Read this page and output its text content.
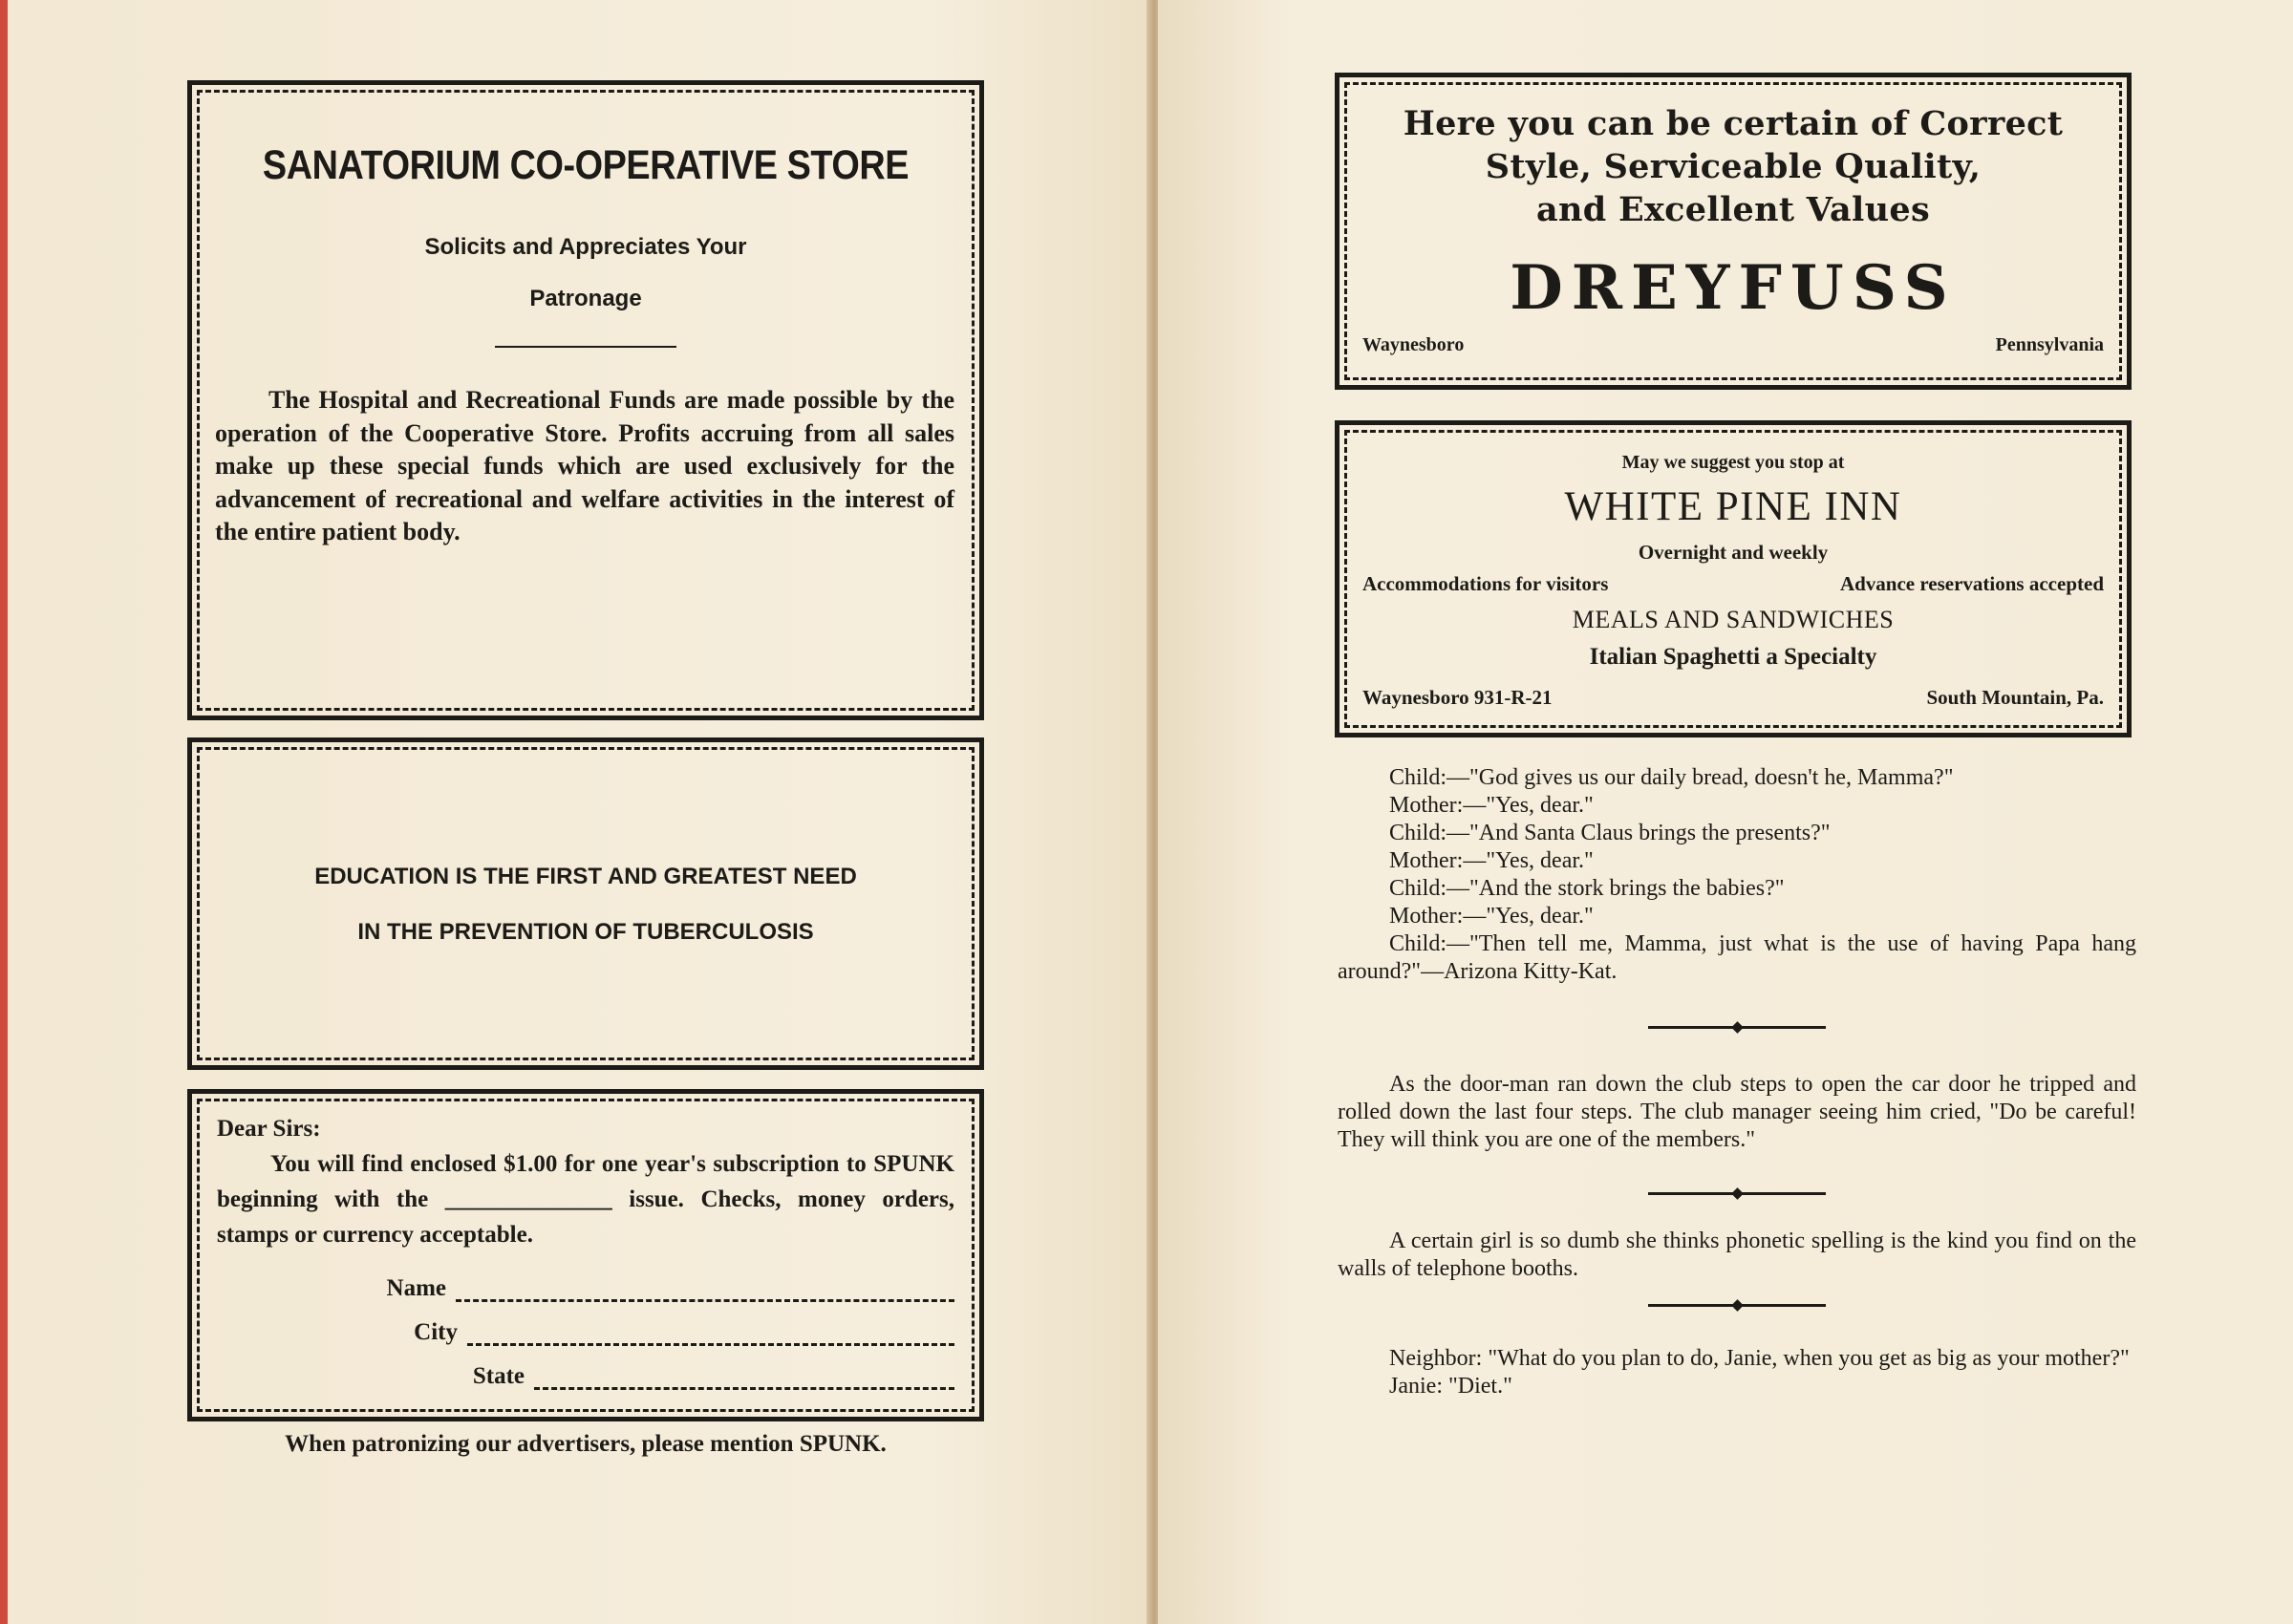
SANATORIUM CO-OPERATIVE STORE
Solicits and Appreciates Your
Patronage
The Hospital and Recreational Funds are made possible by the operation of the Cooperative Store. Profits accruing from all sales make up these special funds which are used exclusively for the advancement of recreational and welfare activities in the interest of the entire patient body.
EDUCATION IS THE FIRST AND GREATEST NEED
IN THE PREVENTION OF TUBERCULOSIS

Dear Sirs:

You will find enclosed $1.00 for one year's subscription to SPUNK beginning with the ______________ issue. Checks, money orders, stamps or currency acceptable.

Name
City
State
When patronizing our advertisers, please mention SPUNK.
Here you can be certain of Correct
Style, Serviceable Quality,
and Excellent Values
DREYFUSS
Waynesboro	Pennsylvania
May we suggest you stop at
WHITE PINE INN
Overnight and weekly
Accommodations for visitors	Advance reservations accepted
MEALS AND SANDWICHES
Italian Spaghetti a Specialty
Waynesboro 931-R-21	South Mountain, Pa.
Child:—"God gives us our daily bread, doesn't he, Mamma?"
Mother:—"Yes, dear."
Child:—"And Santa Claus brings the presents?"
Mother:—"Yes, dear."
Child:—"And the stork brings the babies?"
Mother:—"Yes, dear."

Child:—"Then tell me, Mamma, just what is the use of having Papa hang around?"—Arizona Kitty-Kat.

As the door-man ran down the club steps to open the car door he tripped and rolled down the last four steps. The club manager seeing him cried, "Do be careful! They will think you are one of the members."

A certain girl is so dumb she thinks phonetic spelling is the kind you find on the walls of telephone booths.

Neighbor: "What do you plan to do, Janie, when you get as big as your mother?"

Janie: "Diet."
